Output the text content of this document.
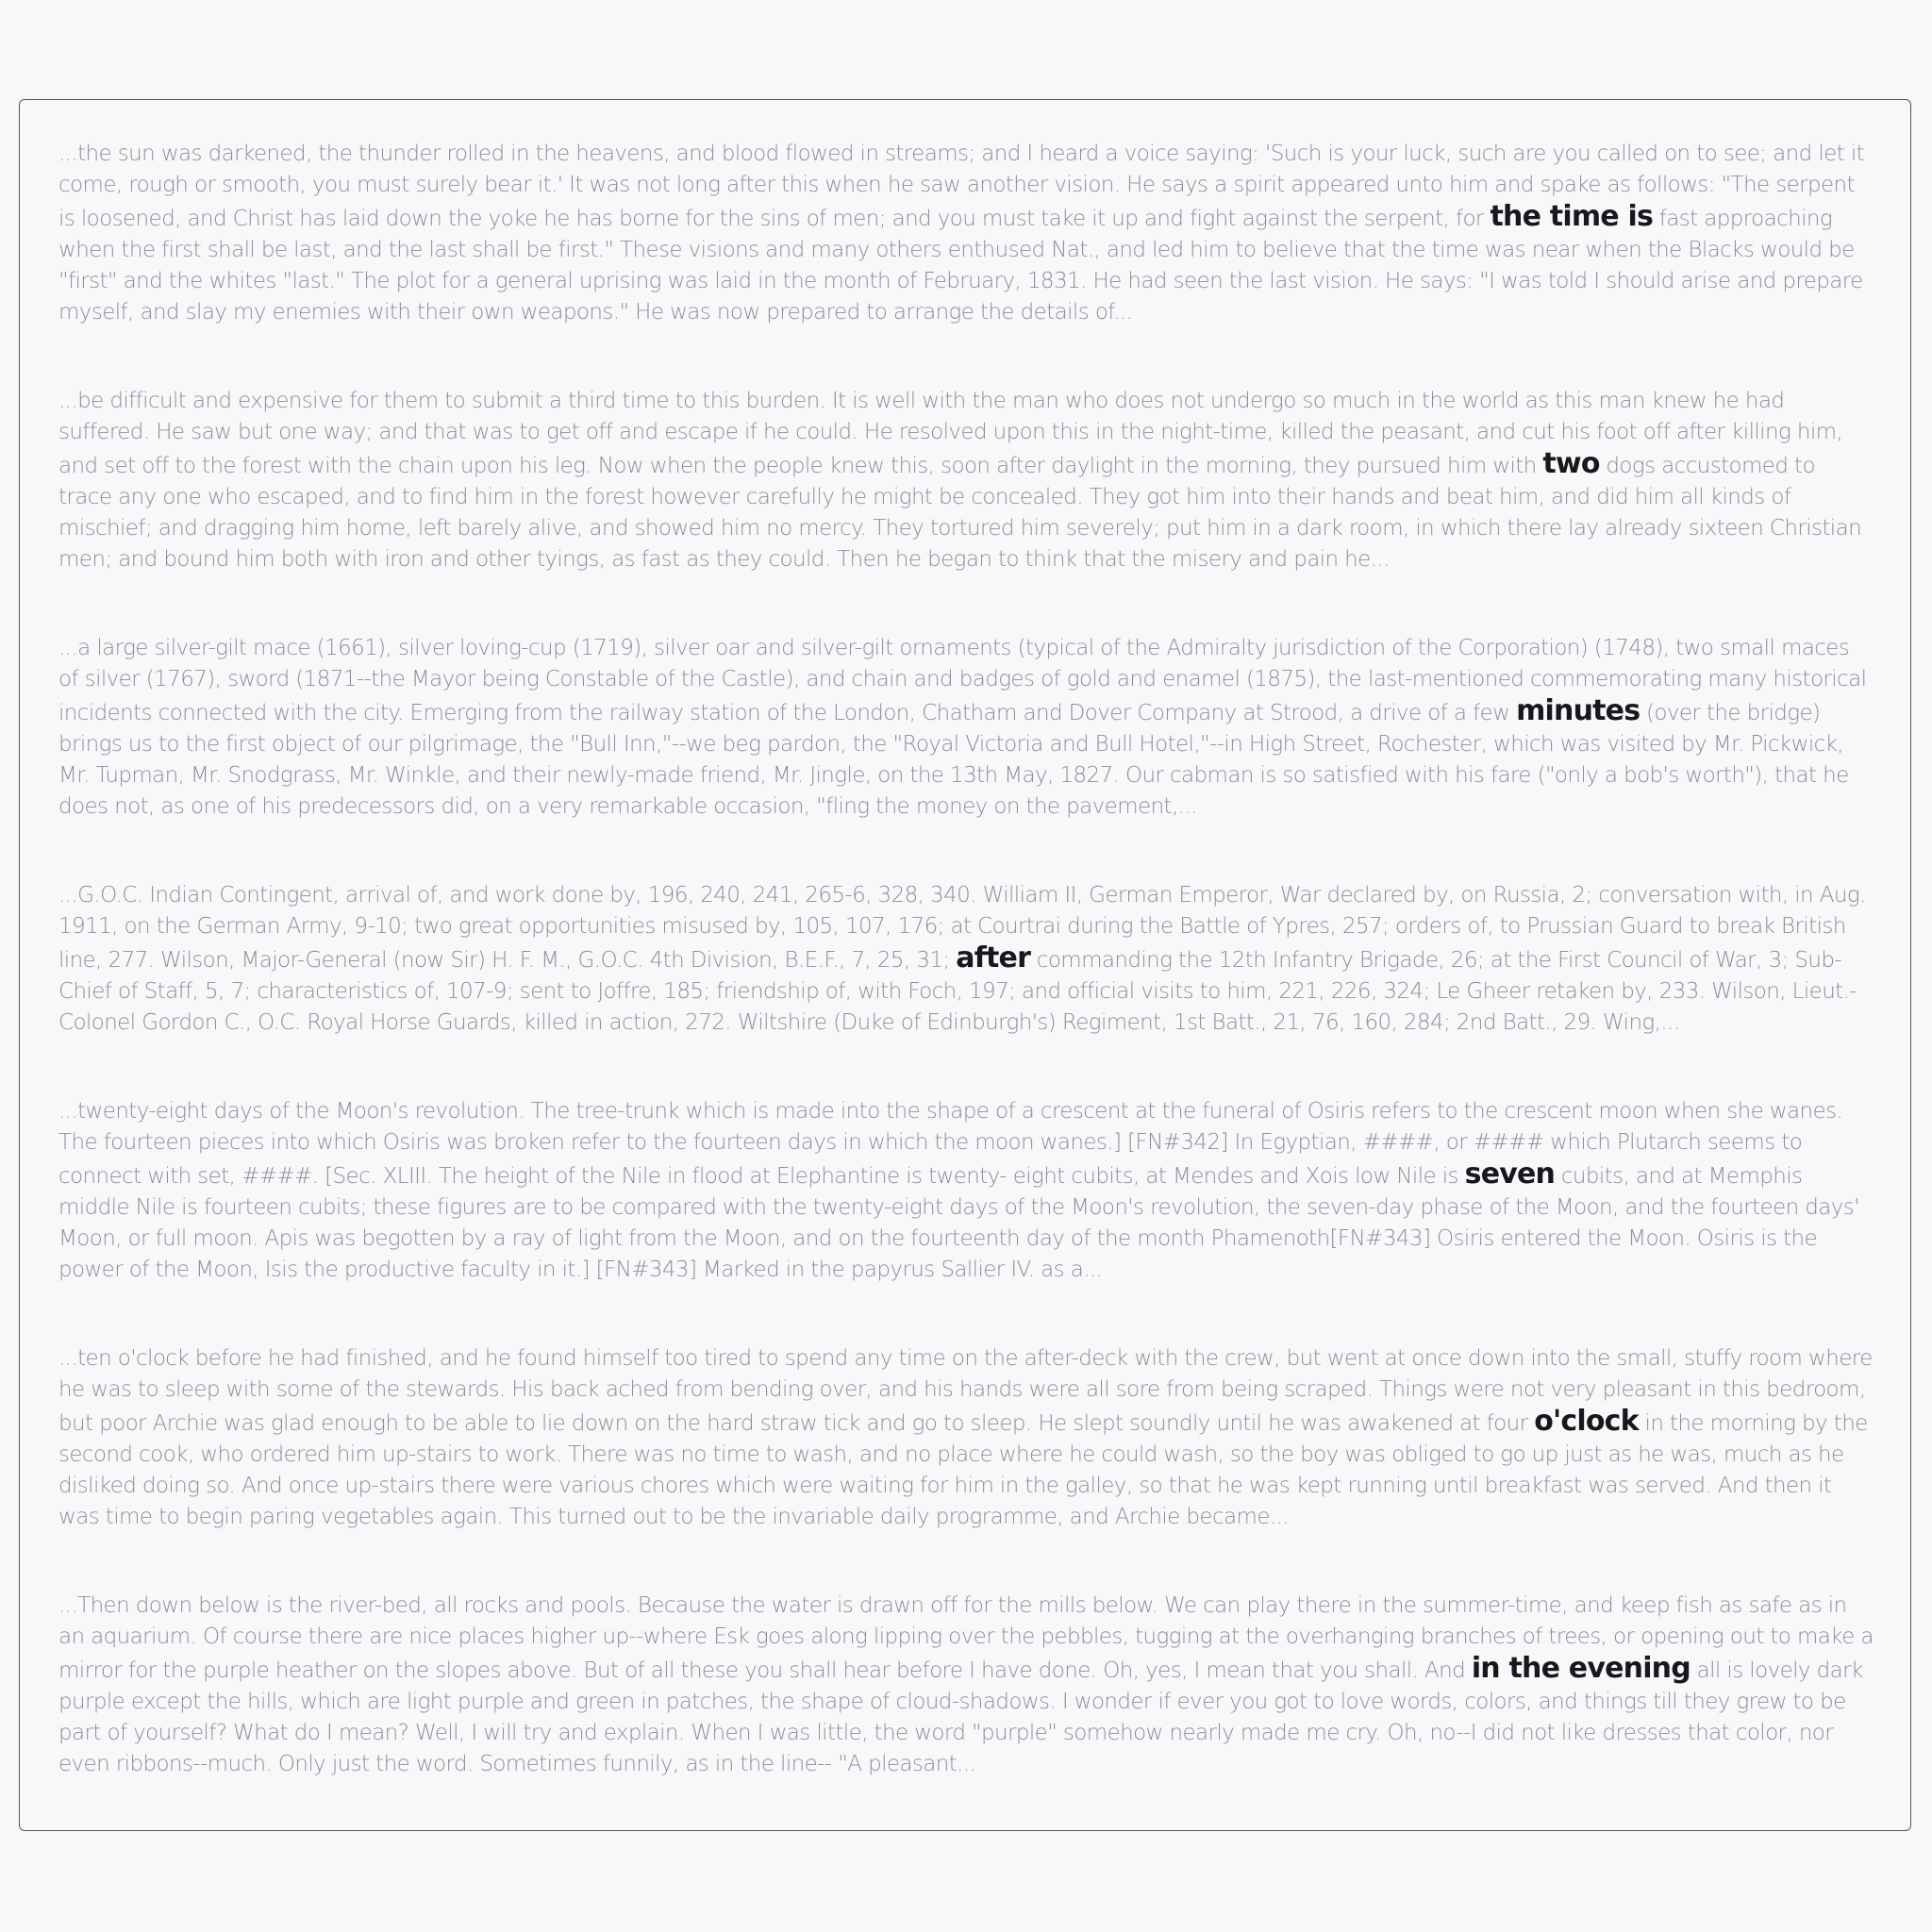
...the sun was darkened, the thunder rolled in the heavens, and blood flowed in streams; and I heard a voice saying: 'Such is your luck, such are you called on to see; and let it come, rough or smooth, you must surely bear it.' It was not long after this when he saw another vision. He says a spirit appeared unto him and spake as follows: "The serpent is loosened, and Christ has laid down the yoke he has borne for the sins of men; and you must take it up and fight against the serpent, for the time is fast approaching when the first shall be last, and the last shall be first." These visions and many others enthused Nat., and led him to believe that the time was near when the Blacks would be "first" and the whites "last." The plot for a general uprising was laid in the month of February, 1831. He had seen the last vision. He says: "I was told I should arise and prepare myself, and slay my enemies with their own weapons." He was now prepared to arrange the details of...

...be difficult and expensive for them to submit a third time to this burden. It is well with the man who does not undergo so much in the world as this man knew he had suffered. He saw but one way; and that was to get off and escape if he could. He resolved upon this in the night-time, killed the peasant, and cut his foot off after killing him, and set off to the forest with the chain upon his leg. Now when the people knew this, soon after daylight in the morning, they pursued him with two dogs accustomed to trace any one who escaped, and to find him in the forest however carefully he might be concealed. They got him into their hands and beat him, and did him all kinds of mischief; and dragging him home, left barely alive, and showed him no mercy. They tortured him severely; put him in a dark room, in which there lay already sixteen Christian men; and bound him both with iron and other tyings, as fast as they could. Then he began to think that the misery and pain he...

...a large silver-gilt mace (1661), silver loving-cup (1719), silver oar and silver-gilt ornaments (typical of the Admiralty jurisdiction of the Corporation) (1748), two small maces of silver (1767), sword (1871--the Mayor being Constable of the Castle), and chain and badges of gold and enamel (1875), the last-mentioned commemorating many historical incidents connected with the city. Emerging from the railway station of the London, Chatham and Dover Company at Strood, a drive of a few minutes (over the bridge) brings us to the first object of our pilgrimage, the "Bull Inn,"--we beg pardon, the "Royal Victoria and Bull Hotel,"--in High Street, Rochester, which was visited by Mr. Pickwick, Mr. Tupman, Mr. Snodgrass, Mr. Winkle, and their newly-made friend, Mr. Jingle, on the 13th May, 1827. Our cabman is so satisfied with his fare ("only a bob's worth"), that he does not, as one of his predecessors did, on a very remarkable occasion, "fling the money on the pavement,...

...G.O.C. Indian Contingent, arrival of, and work done by, 196, 240, 241, 265-6, 328, 340. William II, German Emperor, War declared by, on Russia, 2; conversation with, in Aug. 1911, on the German Army, 9-10; two great opportunities misused by, 105, 107, 176; at Courtrai during the Battle of Ypres, 257; orders of, to Prussian Guard to break British line, 277. Wilson, Major-General (now Sir) H. F. M., G.O.C. 4th Division, B.E.F., 7, 25, 31; after commanding the 12th Infantry Brigade, 26; at the First Council of War, 3; Sub-Chief of Staff, 5, 7; characteristics of, 107-9; sent to Joffre, 185; friendship of, with Foch, 197; and official visits to him, 221, 226, 324; Le Gheer retaken by, 233. Wilson, Lieut.-Colonel Gordon C., O.C. Royal Horse Guards, killed in action, 272. Wiltshire (Duke of Edinburgh's) Regiment, 1st Batt., 21, 76, 160, 284; 2nd Batt., 29. Wing,...

...twenty-eight days of the Moon's revolution. The tree-trunk which is made into the shape of a crescent at the funeral of Osiris refers to the crescent moon when she wanes. The fourteen pieces into which Osiris was broken refer to the fourteen days in which the moon wanes.] [FN#342] In Egyptian, ####, or #### which Plutarch seems to connect with set, ####. [Sec. XLIII. The height of the Nile in flood at Elephantine is twenty- eight cubits, at Mendes and Xois low Nile is seven cubits, and at Memphis middle Nile is fourteen cubits; these figures are to be compared with the twenty-eight days of the Moon's revolution, the seven-day phase of the Moon, and the fourteen days' Moon, or full moon. Apis was begotten by a ray of light from the Moon, and on the fourteenth day of the month Phamenoth[FN#343] Osiris entered the Moon. Osiris is the power of the Moon, Isis the productive faculty in it.] [FN#343] Marked in the papyrus Sallier IV. as a...

...ten o'clock before he had finished, and he found himself too tired to spend any time on the after-deck with the crew, but went at once down into the small, stuffy room where he was to sleep with some of the stewards. His back ached from bending over, and his hands were all sore from being scraped. Things were not very pleasant in this bedroom, but poor Archie was glad enough to be able to lie down on the hard straw tick and go to sleep. He slept soundly until he was awakened at four o'clock in the morning by the second cook, who ordered him up-stairs to work. There was no time to wash, and no place where he could wash, so the boy was obliged to go up just as he was, much as he disliked doing so. And once up-stairs there were various chores which were waiting for him in the galley, so that he was kept running until breakfast was served. And then it was time to begin paring vegetables again. This turned out to be the invariable daily programme, and Archie became...

...Then down below is the river-bed, all rocks and pools. Because the water is drawn off for the mills below. We can play there in the summer-time, and keep fish as safe as in an aquarium. Of course there are nice places higher up--where Esk goes along lipping over the pebbles, tugging at the overhanging branches of trees, or opening out to make a mirror for the purple heather on the slopes above. But of all these you shall hear before I have done. Oh, yes, I mean that you shall. And in the evening all is lovely dark purple except the hills, which are light purple and green in patches, the shape of cloud-shadows. I wonder if ever you got to love words, colors, and things till they grew to be part of yourself? What do I mean? Well, I will try and explain. When I was little, the word "purple" somehow nearly made me cry. Oh, no--I did not like dresses that color, nor even ribbons--much. Only just the word. Sometimes funnily, as in the line-- "A pleasant...
